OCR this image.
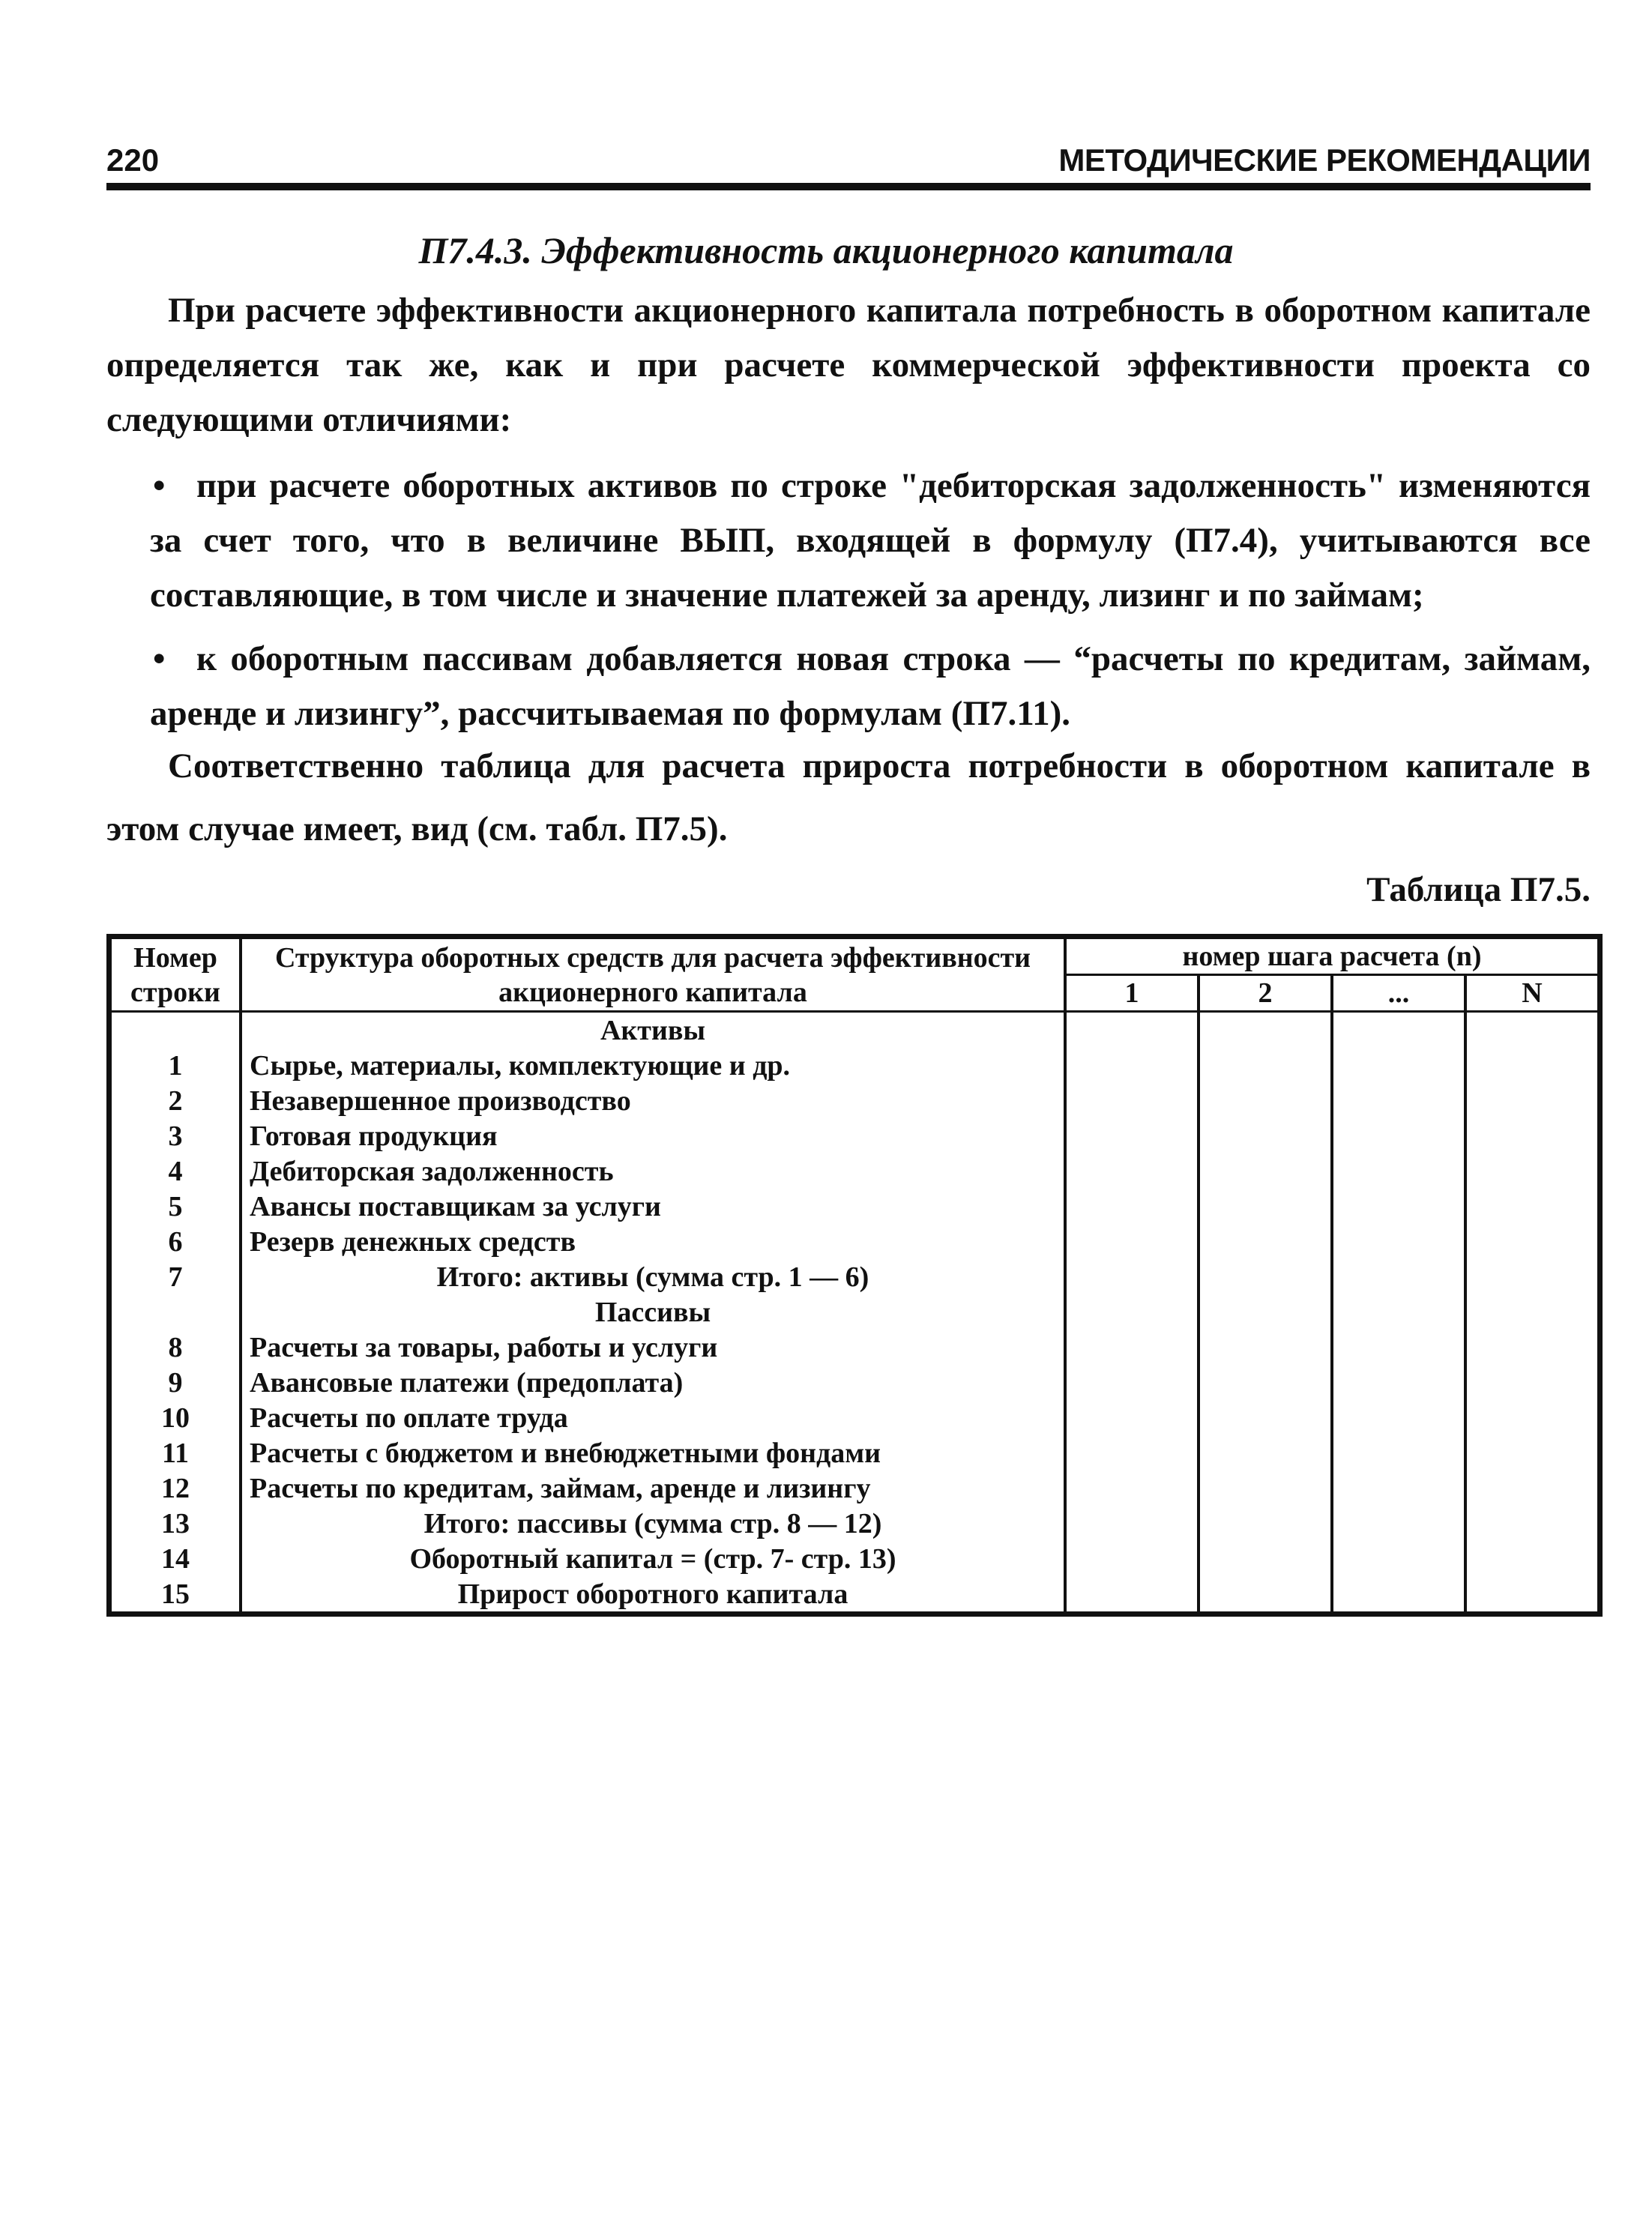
220	МЕТОДИЧЕСКИЕ РЕКОМЕНДАЦИИ
П7.4.3. Эффективность акционерного капитала

При расчете эффективности акционерного капитала потребность в оборотном капитале определяется так же, как и при расчете коммерческой эффективности проекта со следующими отличиями:

• при расчете оборотных активов по строке "дебиторская задолженность" изменяются за счет того, что в величине ВЫП, входящей в формулу (П7.4), учитываются все составляющие, в том числе и значение платежей за аренду, лизинг и по займам;

• к оборотным пассивам добавляется новая строка — “расчеты по кредитам, займам, аренде и лизингу”, рассчитываемая по формулам (П7.11).

Соответственно таблица для расчета прироста потребности в оборотном капитале в этом случае имеет, вид (см. табл. П7.5).

Таблица П7.5.
Номер строки	Структура оборотных средств для расчета эффективности акционерного капитала	номер шага расчета (n)			
		1	2	...	N
	Активы				
1	Сырье, материалы, комплектующие и др.				
2	Незавершенное производство				
3	Готовая продукция				
4	Дебиторская задолженность				
5	Авансы поставщикам за услуги				
6	Резерв денежных средств				
7	Итого: активы (сумма стр. 1 — 6)				
	Пассивы				
8	Расчеты за товары, работы и услуги				
9	Авансовые платежи (предоплата)				
10	Расчеты по оплате труда				
11	Расчеты с бюджетом и внебюджетными фондами				
12	Расчеты по кредитам, займам, аренде и лизингу				
13	Итого: пассивы (сумма стр. 8 — 12)				
14	Оборотный капитал = (стр. 7- стр. 13)				
15	Прирост оборотного капитала				
